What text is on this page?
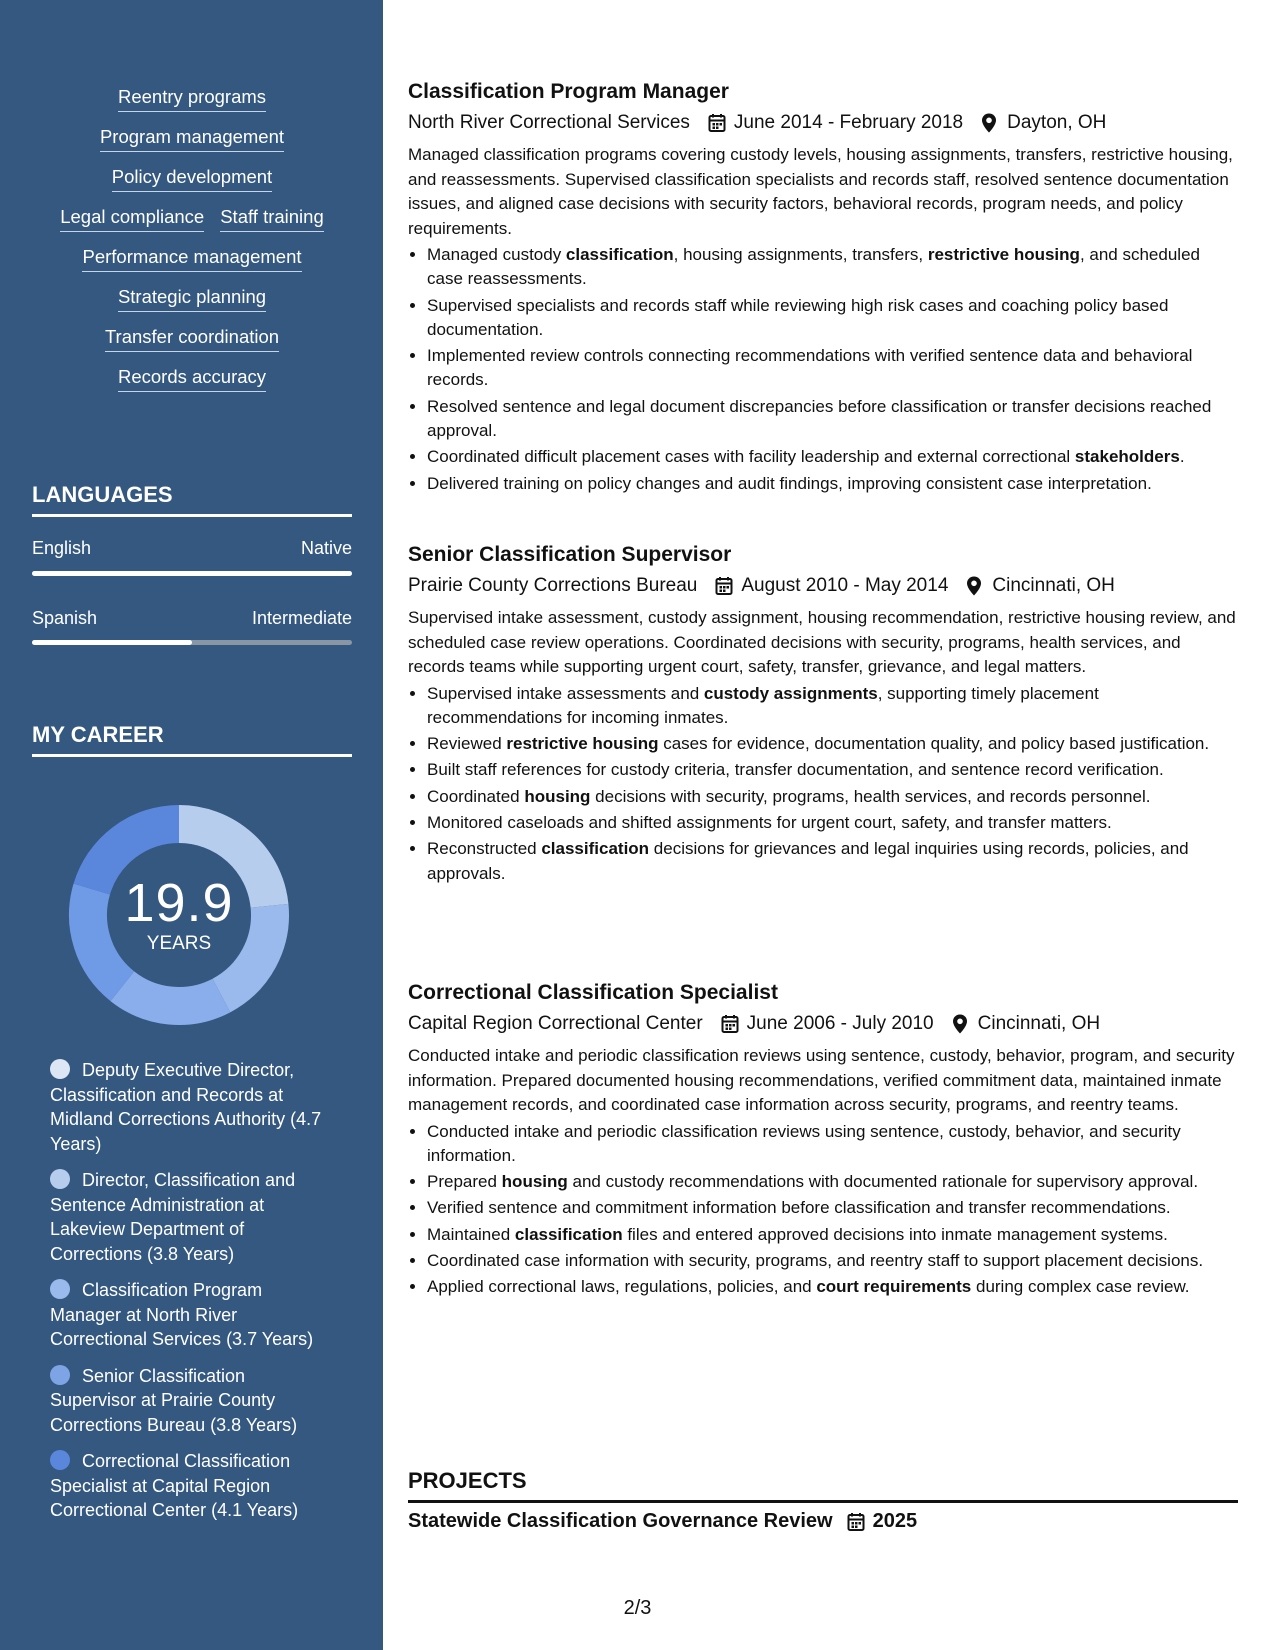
Reentry programs
Program management
Policy development
Legal compliance Staff training
Performance management
Strategic planning
Transfer coordination
Records accuracy
LANGUAGES
English	Native
Spanish	Intermediate
MY CAREER
19.9
YEARS
Deputy Executive Director, Classification and Records at Midland Corrections Authority (4.7 Years)
Director, Classification and Sentence Administration at Lakeview Department of Corrections (3.8 Years)
Classification Program Manager at North River Correctional Services (3.7 Years)
Senior Classification Supervisor at Prairie County Corrections Bureau (3.8 Years)
Correctional Classification Specialist at Capital Region Correctional Center (4.1 Years)
Classification Program Manager
North River Correctional Services June 2014 - February 2018 Dayton, OH
Managed classification programs covering custody levels, housing assignments, transfers, restrictive housing, and reassessments. Supervised classification specialists and records staff, resolved sentence documentation issues, and aligned case decisions with security factors, behavioral records, program needs, and policy requirements.
• Managed custody classification, housing assignments, transfers, restrictive housing, and scheduled case reassessments.
• Supervised specialists and records staff while reviewing high risk cases and coaching policy based documentation.
• Implemented review controls connecting recommendations with verified sentence data and behavioral records.
• Resolved sentence and legal document discrepancies before classification or transfer decisions reached approval.
• Coordinated difficult placement cases with facility leadership and external correctional stakeholders.
• Delivered training on policy changes and audit findings, improving consistent case interpretation.
Senior Classification Supervisor
Prairie County Corrections Bureau August 2010 - May 2014 Cincinnati, OH
Supervised intake assessment, custody assignment, housing recommendation, restrictive housing review, and scheduled case review operations. Coordinated decisions with security, programs, health services, and records teams while supporting urgent court, safety, transfer, grievance, and legal matters.
• Supervised intake assessments and custody assignments, supporting timely placement recommendations for incoming inmates.
• Reviewed restrictive housing cases for evidence, documentation quality, and policy based justification.
• Built staff references for custody criteria, transfer documentation, and sentence record verification.
• Coordinated housing decisions with security, programs, health services, and records personnel.
• Monitored caseloads and shifted assignments for urgent court, safety, and transfer matters.
• Reconstructed classification decisions for grievances and legal inquiries using records, policies, and approvals.
Correctional Classification Specialist
Capital Region Correctional Center June 2006 - July 2010 Cincinnati, OH
Conducted intake and periodic classification reviews using sentence, custody, behavior, program, and security information. Prepared documented housing recommendations, verified commitment data, maintained inmate management records, and coordinated case information across security, programs, and reentry teams.
• Conducted intake and periodic classification reviews using sentence, custody, behavior, and security information.
• Prepared housing and custody recommendations with documented rationale for supervisory approval.
• Verified sentence and commitment information before classification and transfer recommendations.
• Maintained classification files and entered approved decisions into inmate management systems.
• Coordinated case information with security, programs, and reentry staff to support placement decisions.
• Applied correctional laws, regulations, policies, and court requirements during complex case review.
PROJECTS
Statewide Classification Governance Review 2025
2/3
